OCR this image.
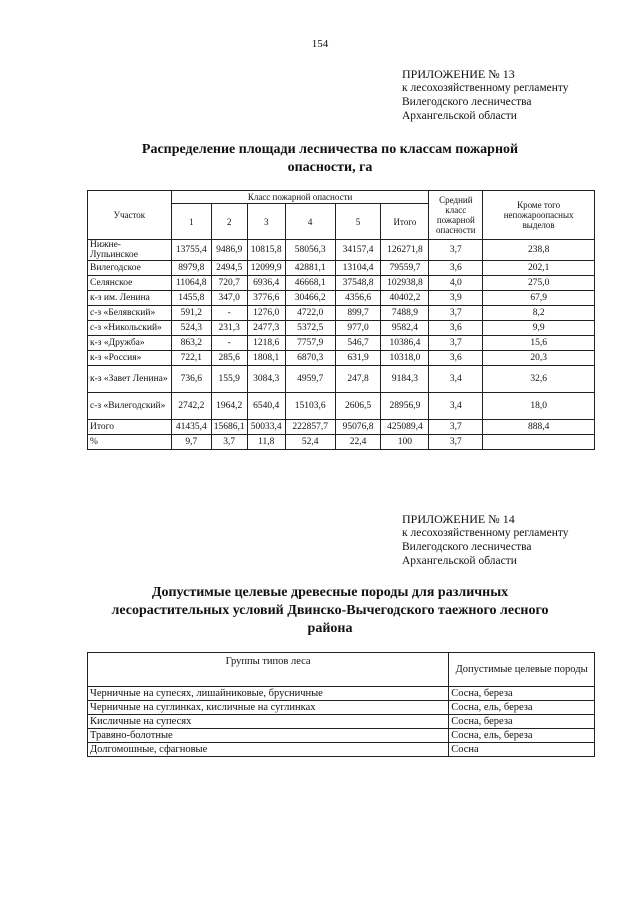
154
ПРИЛОЖЕНИЕ № 13
к лесохозяйственному регламенту
Вилегодского лесничества
Архангельской области
Распределение площади лесничества по классам пожарной
опасности, га
Участок	Класс пожарной опасности						Средний класс пожарной опасности	Кроме того непожароопасных выделов
	1	2	3	4	5	Итого		
Нижне-Лупьинское	13755,4	9486,9	10815,8	58056,3	34157,4	126271,8	3,7	238,8
Вилегодское	8979,8	2494,5	12099,9	42881,1	13104,4	79559,7	3,6	202,1
Селянское	11064,8	720,7	6936,4	46668,1	37548,8	102938,8	4,0	275,0
к-з им. Ленина	1455,8	347,0	3776,6	30466,2	4356,6	40402,2	3,9	67,9
с-з «Белявский»	591,2	-	1276,0	4722,0	899,7	7488,9	3,7	8,2
с-з «Никольский»	524,3	231,3	2477,3	5372,5	977,0	9582,4	3,6	9,9
к-з «Дружба»	863,2	-	1218,6	7757,9	546,7	10386,4	3,7	15,6
к-з «Россия»	722,1	285,6	1808,1	6870,3	631,9	10318,0	3,6	20,3
к-з «Завет Ленина»	736,6	155,9	3084,3	4959,7	247,8	9184,3	3,4	32,6
с-з «Вилегодский»	2742,2	1964,2	6540,4	15103,6	2606,5	28956,9	3,4	18,0
Итого	41435,4	15686,1	50033,4	222857,7	95076,8	425089,4	3,7	888,4
%	9,7	3,7	11,8	52,4	22,4	100	3,7	
ПРИЛОЖЕНИЕ № 14
к лесохозяйственному регламенту
Вилегодского лесничества
Архангельской области
Допустимые целевые древесные породы для различных
лесорастительных условий Двинско-Вычегодского таежного лесного
района
Группы типов леса	Допустимые целевые породы
Черничные на супесях, лишайниковые, брусничные	Сосна, береза
Черничные на суглинках, кисличные на суглинках	Сосна, ель, береза
Кисличные на супесях	Сосна, береза
Травяно-болотные	Сосна, ель, береза
Долгомошные, сфагновые	Сосна
